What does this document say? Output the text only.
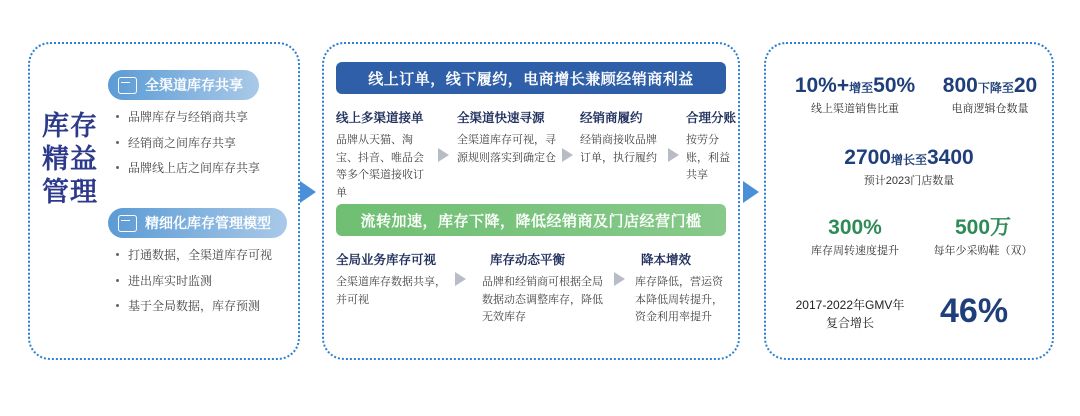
库存精益管理
全渠道库存共享
品牌库存与经销商共享
经销商之间库存共享
品牌线上店之间库存共享
精细化库存管理模型
打通数据，全渠道库存可视
进出库实时监测
基于全局数据，库存预测
线上订单，线下履约，电商增长兼顾经销商利益
线上多渠道接单
品牌从天猫、淘宝、抖音、唯品会等多个渠道接收订单
全渠道快速寻源
全渠道库存可视，寻源规则落实到确定仓
经销商履约
经销商接收品牌订单，执行履约
合理分账
按劳分账，利益共享
流转加速，库存下降，降低经销商及门店经营门槛
全局业务库存可视
全渠道库存数据共享，并可视
库存动态平衡
品牌和经销商可根据全局数据动态调整库存，降低无效库存
降本增效
库存降低，营运资本降低周转提升，资金利用率提升
10%+增至50%
线上渠道销售比重
800下降至20
电商逻辑仓数量
2700增长至3400
预计2023门店数量
300%
库存周转速度提升
500万
每年少采购鞋（双）
2017-2022年GMV年复合增长	46%
